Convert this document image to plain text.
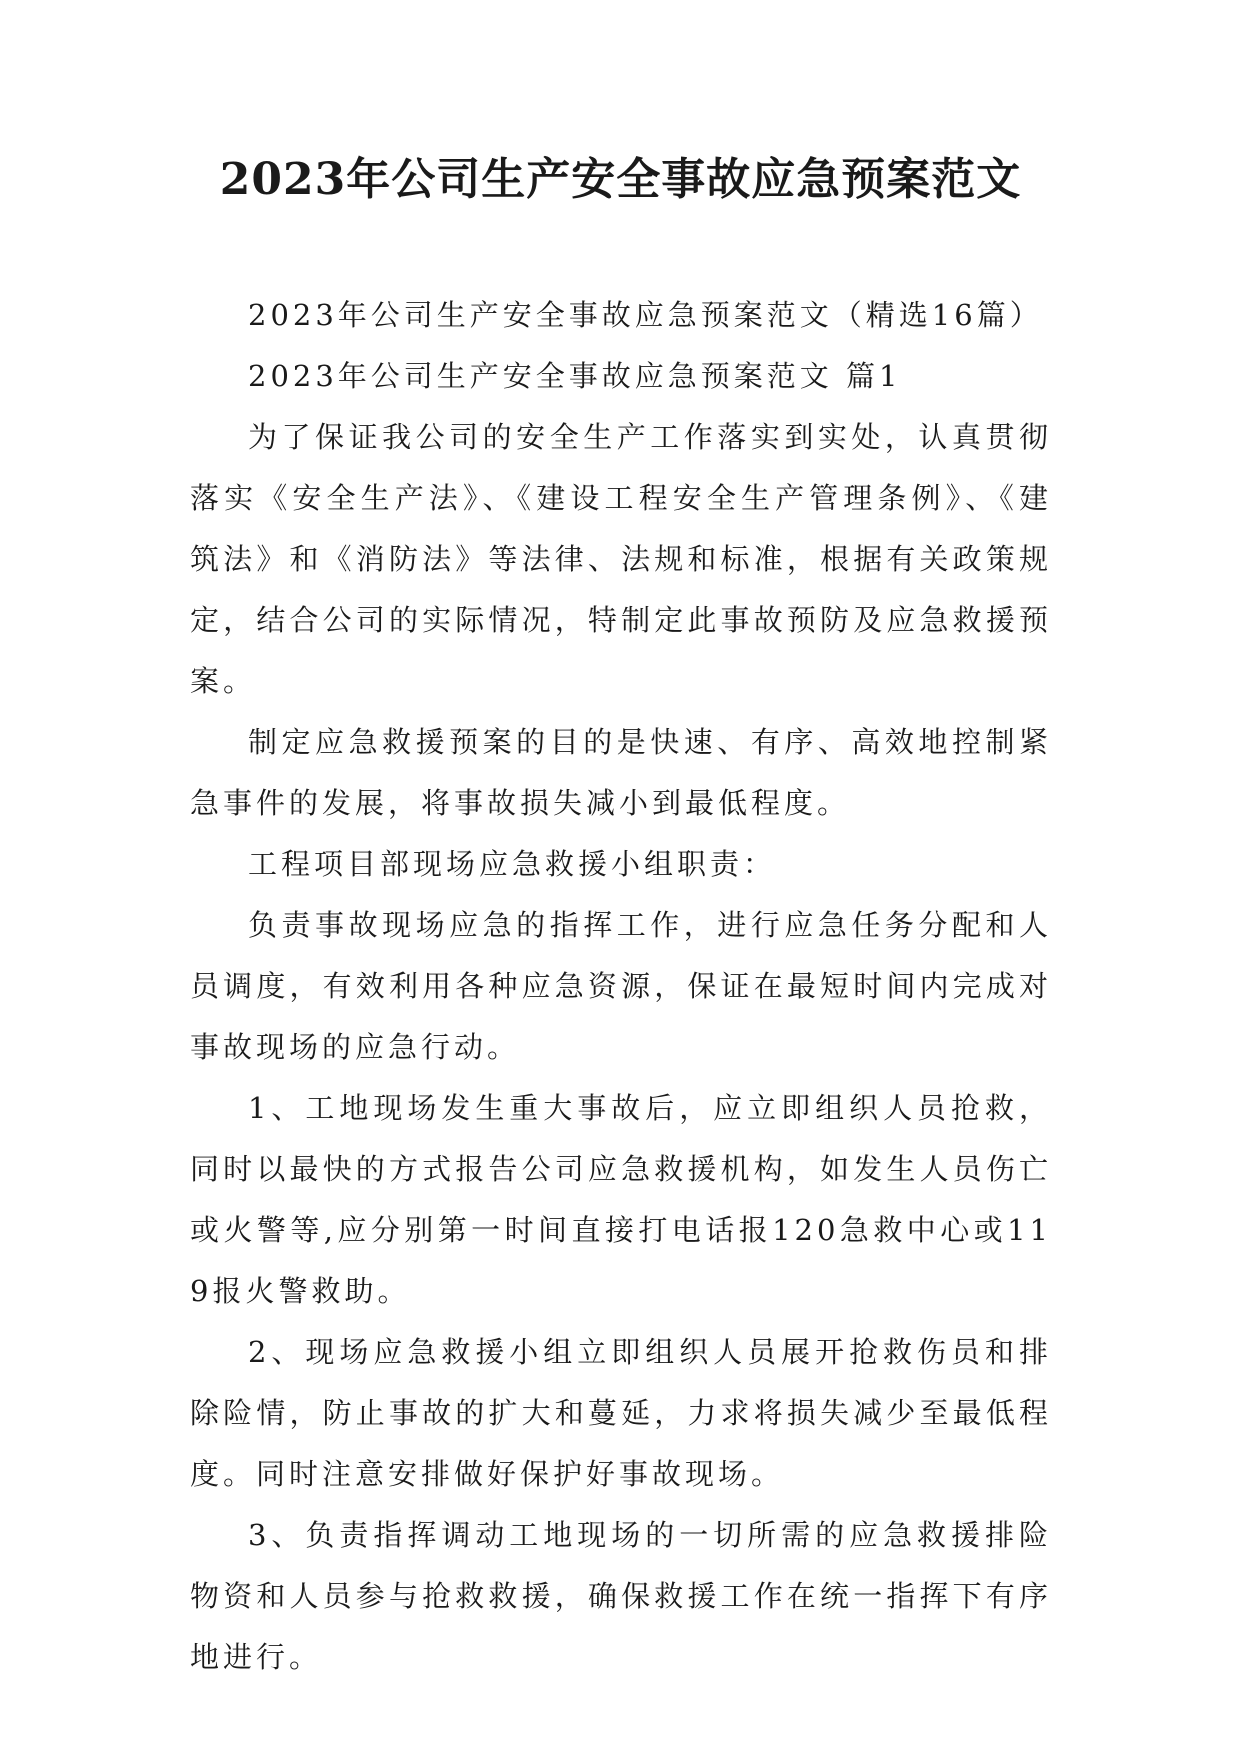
2023年公司生产安全事故应急预案范文

2023年公司生产安全事故应急预案范文（精选16篇）

2023年公司生产安全事故应急预案范文 篇1

为了保证我公司的安全生产工作落实到实处，认真贯彻落实《安全生产法》、《建设工程安全生产管理条例》、《建筑法》和《消防法》等法律、法规和标准，根据有关政策规定，结合公司的实际情况，特制定此事故预防及应急救援预案。

制定应急救援预案的目的是快速、有序、高效地控制紧急事件的发展，将事故损失减小到最低程度。

工程项目部现场应急救援小组职责：

负责事故现场应急的指挥工作，进行应急任务分配和人员调度，有效利用各种应急资源，保证在最短时间内完成对事故现场的应急行动。

1、工地现场发生重大事故后，应立即组织人员抢救，同时以最快的方式报告公司应急救援机构，如发生人员伤亡或火警等,应分别第一时间直接打电话报120急救中心或119报火警救助。

2、现场应急救援小组立即组织人员展开抢救伤员和排除险情，防止事故的扩大和蔓延，力求将损失减少至最低程度。同时注意安排做好保护好事故现场。

3、负责指挥调动工地现场的一切所需的应急救援排险物资和人员参与抢救救援，确保救援工作在统一指挥下有序地进行。
